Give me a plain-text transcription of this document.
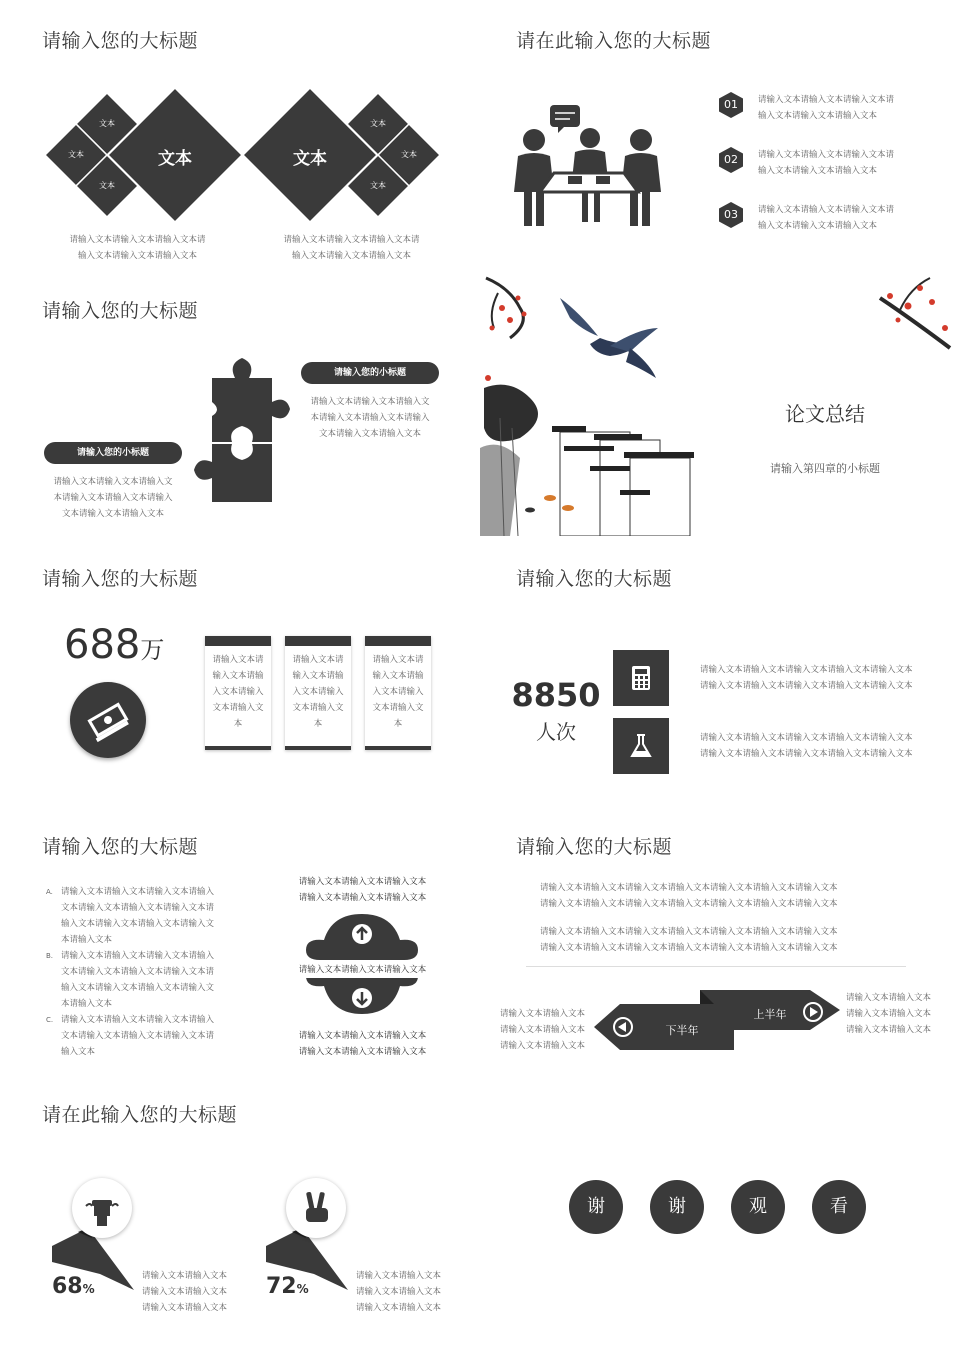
请输入您的大标题
文本	文本
文本
文本
文本
文本
文本
文本
请输入文本请输入文本请输入文本请
输入文本请输入文本请输入文本
请输入文本请输入文本请输入文本请
输入文本请输入文本请输入文本
请在此输入您的大标题
01	请输入文本请输入文本请输入文本请
输入文本请输入文本请输入文本
02	请输入文本请输入文本请输入文本请
输入文本请输入文本请输入文本
03	请输入文本请输入文本请输入文本请
输入文本请输入文本请输入文本
请输入您的大标题
请输入您的小标题
请输入文本请输入文本请输入文
本请输入文本请输入文本请输入
文本请输入文本请输入文本
请输入您的小标题
请输入文本请输入文本请输入文
本请输入文本请输入文本请输入
文本请输入文本请输入文本
论文总结
请输入第四章的小标题
请输入您的大标题
688万	请输入文本请
输入文本请输
入文本请输入
文本请输入文
本
请输入文本请
输入文本请输
入文本请输入
文本请输入文
本
请输入文本请
输入文本请输
入文本请输入
文本请输入文
本
请输入您的大标题
8850
人次
请输入文本请输入文本请输入文本请输入文本请输入文本
请输入文本请输入文本请输入文本请输入文本请输入文本
请输入文本请输入文本请输入文本请输入文本请输入文本
请输入文本请输入文本请输入文本请输入文本请输入文本
请输入您的大标题
A. 请输入文本请输入文本请输入文本请输入
文本请输入文本请输入文本请输入文本请
输入文本请输入文本请输入文本请输入文
本请输入文本
B. 请输入文本请输入文本请输入文本请输入
文本请输入文本请输入文本请输入文本请
输入文本请输入文本请输入文本请输入文
本请输入文本
C. 请输入文本请输入文本请输入文本请输入
文本请输入文本请输入文本请输入文本请
输入文本
请输入文本请输入文本请输入文本
请输入文本请输入文本请输入文本
请输入文本请输入文本请输入文本
请输入文本请输入文本请输入文本
请输入文本请输入文本请输入文本
请输入您的大标题
请输入文本请输入文本请输入文本请输入文本请输入文本请输入文本请输入文本
请输入文本请输入文本请输入文本请输入文本请输入文本请输入文本请输入文本
请输入文本请输入文本请输入文本请输入文本请输入文本请输入文本请输入文本
请输入文本请输入文本请输入文本请输入文本请输入文本请输入文本请输入文本
上半年
下半年
请输入文本请输入文本
请输入文本请输入文本
请输入文本请输入文本
请输入文本请输入文本
请输入文本请输入文本
请输入文本请输入文本
请在此输入您的大标题
68%
请输入文本请输入文本
请输入文本请输入文本
请输入文本请输入文本
72%
请输入文本请输入文本
请输入文本请输入文本
请输入文本请输入文本
谢	谢	观	看
